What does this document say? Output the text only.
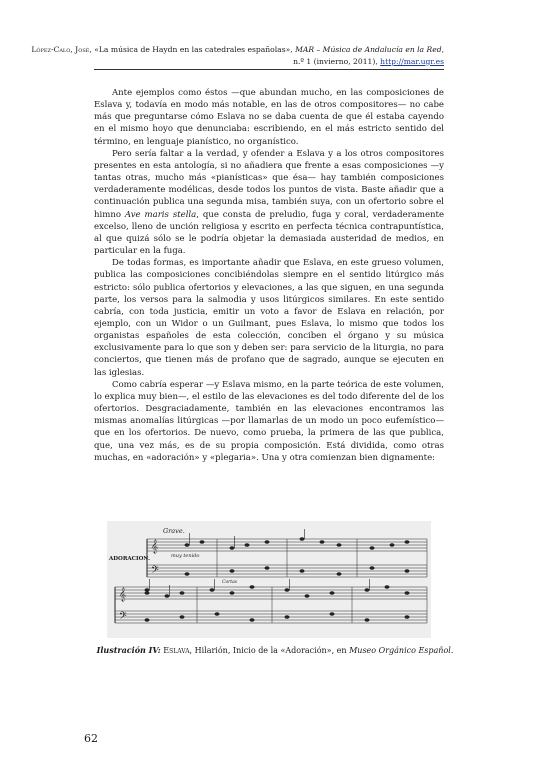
López-Calo, José, «La música de Haydn en las catedrales españolas», MAR – Música de Andalucía en la Red, n.º 1 (invierno, 2011), http://mar.ugr.es

Ante ejemplos como éstos —que abundan mucho, en las composiciones de Eslava y, todavía en modo más notable, en las de otros compositores— no cabe más que preguntarse cómo Eslava no se daba cuenta de que él estaba cayendo en el mismo hoyo que denunciaba: escribiendo, en el más estricto sentido del término, en lenguaje pianístico, no organístico.

Pero sería faltar a la verdad, y ofender a Eslava y a los otros compositores presentes en esta antología, si no añadiera que frente a esas composiciones —y tantas otras, mucho más «pianísticas» que ésa— hay también composiciones verdaderamente modélicas, desde todos los puntos de vista. Baste añadir que a continuación publica una segunda misa, también suya, con un ofertorio sobre el himno Ave maris stella, que consta de preludio, fuga y coral, verdaderamente excelso, lleno de unción religiosa y escrito en perfecta técnica contrapuntística, al que quizá sólo se le podría objetar la demasiada austeridad de medios, en particular en la fuga.

De todas formas, es importante añadir que Eslava, en este grueso volumen, publica las composiciones concibiéndolas siempre en el sentido litúrgico más estricto: sólo publica ofertorios y elevaciones, a las que siguen, en una segunda parte, los versos para la salmodia y usos litúrgicos similares. En este sentido cabría, con toda justicia, emitir un voto a favor de Eslava en relación, por ejemplo, con un Widor o un Guilmant, pues Eslava, lo mismo que todos los organistas españoles de esta colección, conciben el órgano y su música exclusivamente para lo que son y deben ser: para servicio de la liturgia, no para conciertos, que tienen más de profano que de sagrado, aunque se ejecuten en las iglesias.

Como cabría esperar —y Eslava mismo, en la parte teórica de este volumen, lo explica muy bien—, el estilo de las elevaciones es del todo diferente del de los ofertorios. Desgraciadamente, también en las elevaciones encontramos las mismas anomalías litúrgicas —por llamarlas de un modo un poco eufemístico— que en los ofertorios. De nuevo, como prueba, la primera de las que publica, que, una vez más, es de su propia composición. Está dividida, como otras muchas, en «adoración» y «plegaria». Una y otra comienzan bien dignamente:

𝄞
𝄢
𝄞
𝄢
Grave.
ADORACION.	muy tenido
Cortas
Ilustración IV: Eslava, Hilarión, Inicio de la «Adoración», en Museo Orgánico Español.
62
